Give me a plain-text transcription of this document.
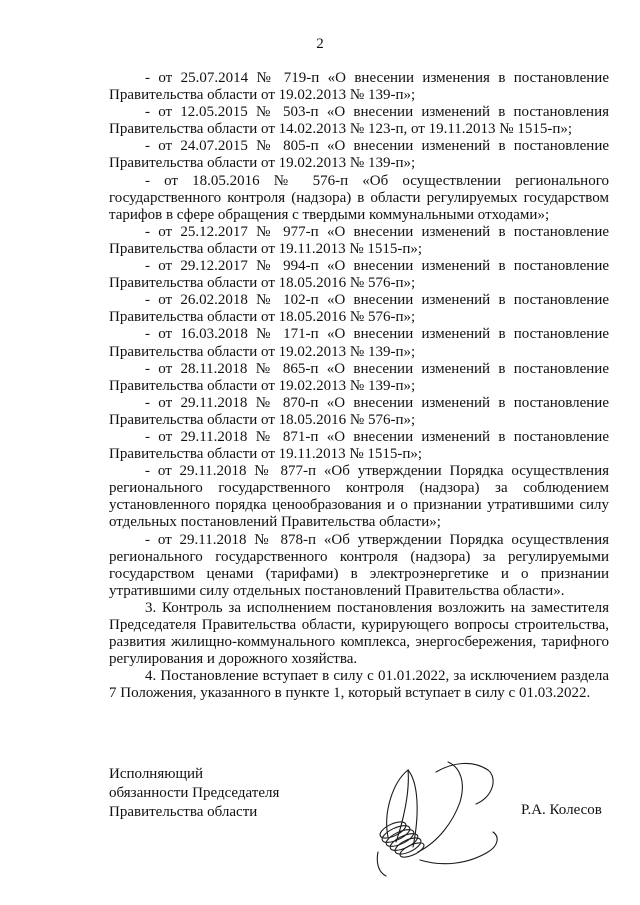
2

- от 25.07.2014 № 719-п «О внесении изменения в постановление Правительства области от 19.02.2013 № 139-п»;

- от 12.05.2015 № 503-п «О внесении изменений в постановления Правительства области от 14.02.2013 № 123-п, от 19.11.2013 № 1515-п»;

- от 24.07.2015 № 805-п «О внесении изменений в постановление Правительства области от 19.02.2013 № 139-п»;

- от 18.05.2016 № 576-п «Об осуществлении регионального государственного контроля (надзора) в области регулируемых государством тарифов в сфере обращения с твердыми коммунальными отходами»;

- от 25.12.2017 № 977-п «О внесении изменений в постановление Правительства области от 19.11.2013 № 1515-п»;

- от 29.12.2017 № 994-п «О внесении изменений в постановление Правительства области от 18.05.2016 № 576-п»;

- от 26.02.2018 № 102-п «О внесении изменений в постановление Правительства области от 18.05.2016 № 576-п»;

- от 16.03.2018 № 171-п «О внесении изменений в постановление Правительства области от 19.02.2013 № 139-п»;

- от 28.11.2018 № 865-п «О внесении изменений в постановление Правительства области от 19.02.2013 № 139-п»;

- от 29.11.2018 № 870-п «О внесении изменений в постановление Правительства области от 18.05.2016 № 576-п»;

- от 29.11.2018 № 871-п «О внесении изменений в постановление Правительства области от 19.11.2013 № 1515-п»;

- от 29.11.2018 № 877-п «Об утверждении Порядка осуществления регионального государственного контроля (надзора) за соблюдением установленного порядка ценообразования и о признании утратившими силу отдельных постановлений Правительства области»;

- от 29.11.2018 № 878-п «Об утверждении Порядка осуществления регионального государственного контроля (надзора) за регулируемыми государством ценами (тарифами) в электроэнергетике и о признании утратившими силу отдельных постановлений Правительства области».

3. Контроль за исполнением постановления возложить на заместителя Председателя Правительства области, курирующего вопросы строительства, развития жилищно-коммунального комплекса, энергосбережения, тарифного регулирования и дорожного хозяйства.

4. Постановление вступает в силу с 01.01.2022, за исключением раздела 7 Положения, указанного в пункте 1, который вступает в силу с 01.03.2022.

Исполняющий
обязанности Председателя
Правительства области	Р.А. Колесов
